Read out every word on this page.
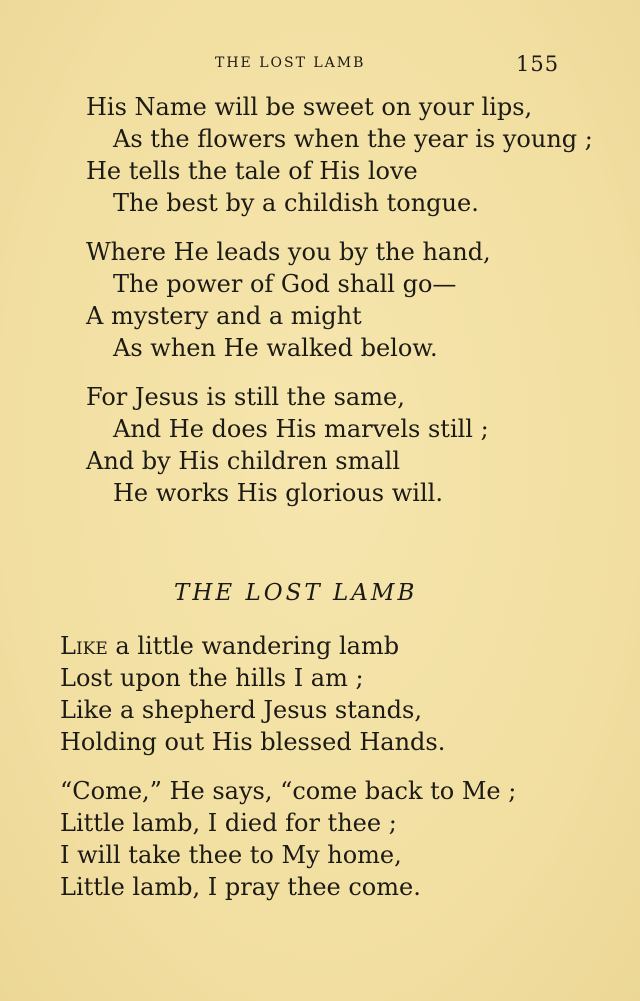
THE LOST LAMB	155
His Name will be sweet on your lips,
As the flowers when the year is young ;
He tells the tale of His love
The best by a childish tongue.
Where He leads you by the hand,
The power of God shall go—
A mystery and a might
As when He walked below.
For Jesus is still the same,
And He does His marvels still ;
And by His children small
He works His glorious will.
THE LOST LAMB
Like a little wandering lamb
Lost upon the hills I am ;
Like a shepherd Jesus stands,
Holding out His blessed Hands.
“Come,” He says, “come back to Me ;
Little lamb, I died for thee ;
I will take thee to My home,
Little lamb, I pray thee come.
